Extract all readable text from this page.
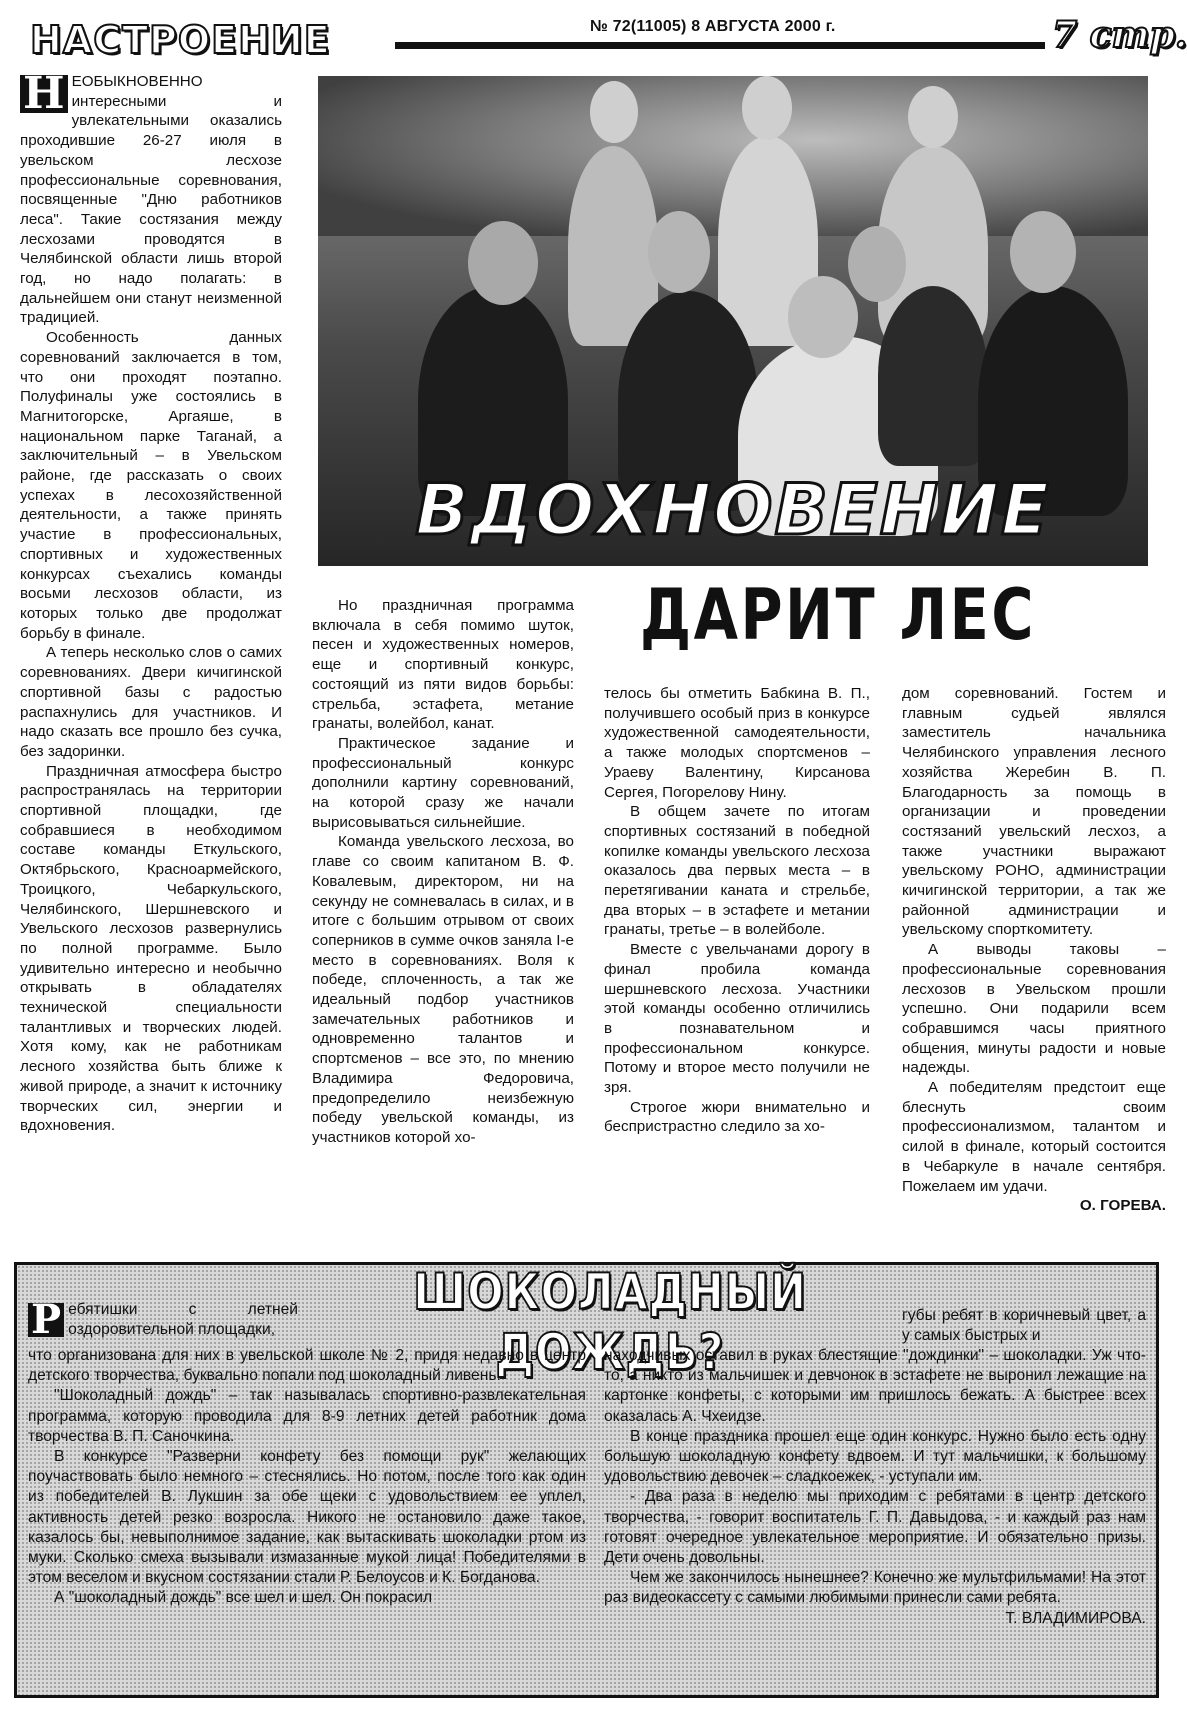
НАСТРОЕНИЕ	№ 72(11005) 8 АВГУСТА 2000 г.	7 стр.

Н ЕОБЫКНОВЕННО интересными и увлекательными оказались проходившие 26-27 июля в увельском лесхозе профессиональные соревнования, посвященные "Дню работников леса". Такие состязания между лесхозами проводятся в Челябинской области лишь второй год, но надо полагать: в дальнейшем они станут неизменной традицией.

Особенность данных соревнований заключается в том, что они проходят поэтапно. Полуфиналы уже состоялись в Магнитогорске, Аргаяше, в национальном парке Таганай, а заключительный – в Увельском районе, где рассказать о своих успехах в лесохозяйственной деятельности, а также принять участие в профессиональных, спортивных и художественных конкурсах съехались команды восьми лесхозов области, из которых только две продолжат борьбу в финале.

А теперь несколько слов о самих соревнованиях. Двери кичигинской спортивной базы с радостью распахнулись для участников. И надо сказать все прошло без сучка, без задоринки.

Праздничная атмосфера быстро распространялась на территории спортивной площадки, где собравшиеся в необходимом составе команды Еткульского, Октябрьского, Красноармейского, Троицкого, Чебаркульского, Челябинского, Шершневского и Увельского лесхозов развернулись по полной программе. Было удивительно интересно и необычно открывать в обладателях технической специальности талантливых и творческих людей. Хотя кому, как не работникам лесного хозяйства быть ближе к живой природе, а значит к источнику творческих сил, энергии и вдохновения.

ВДОХНОВЕНИЕ
ДАРИТ ЛЕС

Но праздничная программа включала в себя помимо шуток, песен и художественных номеров, еще и спортивный конкурс, состоящий из пяти видов борьбы: стрельба, эстафета, метание гранаты, волейбол, канат.

Практическое задание и профессиональный конкурс дополнили картину соревнований, на которой сразу же начали вырисовываться сильнейшие.

Команда увельского лесхоза, во главе со своим капитаном В. Ф. Ковалевым, директором, ни на секунду не сомневалась в силах, и в итоге с большим отрывом от своих соперников в сумме очков заняла I-е место в соревнованиях. Воля к победе, сплоченность, а так же идеальный подбор участников замечательных работников и одновременно талантов и спортсменов – все это, по мнению Владимира Федоровича, предопределило неизбежную победу увельской команды, из участников которой хо-

телось бы отметить Бабкина В. П., получившего особый приз в конкурсе художественной самодеятельности, а также молодых спортсменов – Ураеву Валентину, Кирсанова Сергея, Погорелову Нину.

В общем зачете по итогам спортивных состязаний в победной копилке команды увельского лесхоза оказалось два первых места – в перетягивании каната и стрельбе, два вторых – в эстафете и метании гранаты, третье – в волейболе.

Вместе с увельчанами дорогу в финал пробила команда шершневского лесхоза. Участники этой команды особенно отличились в познавательном и профессиональном конкурсе. Потому и второе место получили не зря.

Строгое жюри внимательно и беспристрастно следило за хо-

дом соревнований. Гостем и главным судьей являлся заместитель начальника Челябинского управления лесного хозяйства Жеребин В. П. Благодарность за помощь в организации и проведении состязаний увельский лесхоз, а также участники выражают увельскому РОНО, администрации кичигинской территории, а так же районной администрации и увельскому спорткомитету.

А выводы таковы – профессиональные соревнования лесхозов в Увельском прошли успешно. Они подарили всем собравшимся часы приятного общения, минуты радости и новые надежды.

А победителям предстоит еще блеснуть своим профессионализмом, талантом и силой в финале, который состоится в Чебаркуле в начале сентября. Пожелаем им удачи.

О. ГОРЕВА.
ШОКОЛАДНЫЙ ДОЖДЬ?

Р ебятишки с летней оздоровительной площадки,

что организована для них в увельской школе № 2, придя недавно в центр детского творчества, буквально попали под шоколадный ливень.

"Шоколадный дождь" – так называлась спортивно-развлекательная программа, которую проводила для 8-9 летних детей работник дома творчества В. П. Саночкина.

В конкурсе "Разверни конфету без помощи рук" желающих поучаствовать было немного – стеснялись. Но потом, после того как один из победителей В. Лукшин за обе щеки с удовольствием ее уплел, активность детей резко возросла. Никого не остановило даже такое, казалось бы, невыполнимое задание, как вытаскивать шоколадки ртом из муки. Сколько смеха вызывали измазанные мукой лица! Победителями в этом веселом и вкусном состязании стали Р. Белоусов и К. Богданова.

А "шоколадный дождь" все шел и шел. Он покрасил

губы ребят в коричневый цвет, а у самых быстрых и

находчивых оставил в руках блестящие "дождинки" – шоколадки. Уж что-то, а никто из мальчишек и девчонок в эстафете не выронил лежащие на картонке конфеты, с которыми им пришлось бежать. А быстрее всех оказалась А. Чхеидзе.

В конце праздника прошел еще один конкурс. Нужно было есть одну большую шоколадную конфету вдвоем. И тут мальчишки, к большому удовольствию девочек – сладкоежек, - уступали им.

- Два раза в неделю мы приходим с ребятами в центр детского творчества, - говорит воспитатель Г. П. Давыдова, - и каждый раз нам готовят очередное увлекательное мероприятие. И обязательно призы. Дети очень довольны.

Чем же закончилось нынешнее? Конечно же мультфильмами! На этот раз видеокассету с самыми любимыми принесли сами ребята.

Т. ВЛАДИМИРОВА.
